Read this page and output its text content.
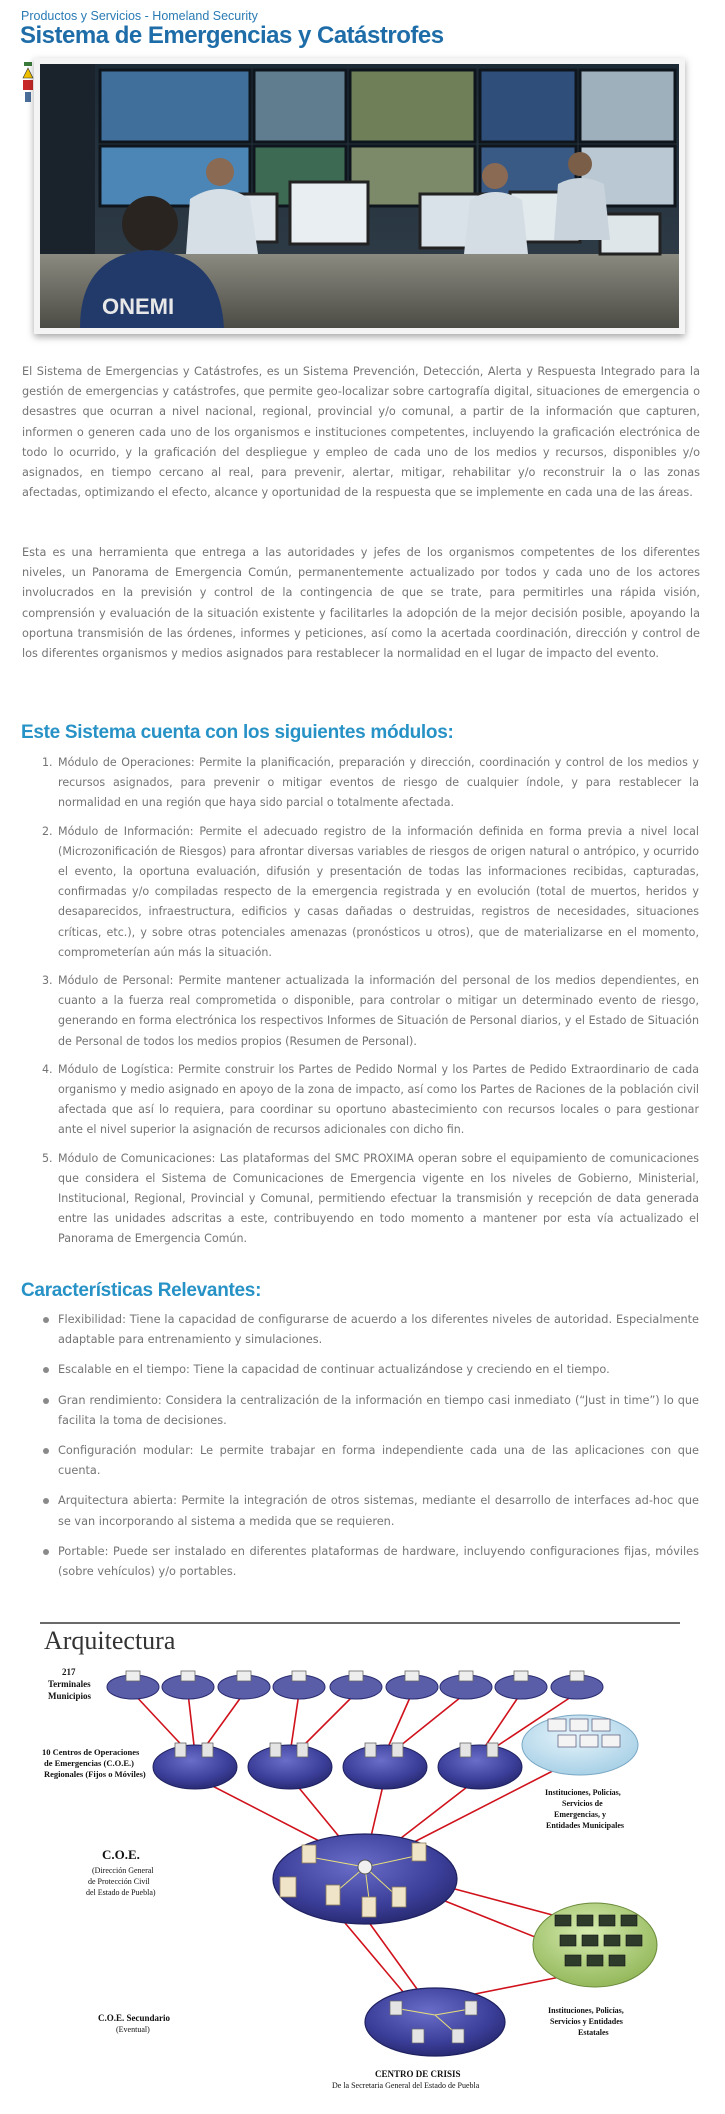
Productos y Servicios - Homeland Security
Sistema de Emergencias y Catástrofes
ONEMI

El Sistema de Emergencias y Catástrofes, es un Sistema Prevención, Detección, Alerta y Respuesta Integrado para la gestión de emergencias y catástrofes, que permite geo-localizar sobre cartografía digital, situaciones de emergencia o desastres que ocurran a nivel nacional, regional, provincial y/o comunal, a partir de la información que capturen, informen o generen cada uno de los organismos e instituciones competentes, incluyendo la graficación electrónica de todo lo ocurrido, y la graficación del despliegue y empleo de cada uno de los medios y recursos, disponibles y/o asignados, en tiempo cercano al real, para prevenir, alertar, mitigar, rehabilitar y/o reconstruir la o las zonas afectadas, optimizando el efecto, alcance y oportunidad de la respuesta que se implemente en cada una de las áreas.

Esta es una herramienta que entrega a las autoridades y jefes de los organismos competentes de los diferentes niveles, un Panorama de Emergencia Común, permanentemente actualizado por todos y cada uno de los actores involucrados en la previsión y control de la contingencia de que se trate, para permitirles una rápida visión, comprensión y evaluación de la situación existente y facilitarles la adopción de la mejor decisión posible, apoyando la oportuna transmisión de las órdenes, informes y peticiones, así como la acertada coordinación, dirección y control de los diferentes organismos y medios asignados para restablecer la normalidad en el lugar de impacto del evento.

Este Sistema cuenta con los siguientes módulos:
1. Módulo de Operaciones: Permite la planificación, preparación y dirección, coordinación y control de los medios y recursos asignados, para prevenir o mitigar eventos de riesgo de cualquier índole, y para restablecer la normalidad en una región que haya sido parcial o totalmente afectada.
2. Módulo de Información: Permite el adecuado registro de la información definida en forma previa a nivel local (Microzonificación de Riesgos) para afrontar diversas variables de riesgos de origen natural o antrópico, y ocurrido el evento, la oportuna evaluación, difusión y presentación de todas las informaciones recibidas, capturadas, confirmadas y/o compiladas respecto de la emergencia registrada y en evolución (total de muertos, heridos y desaparecidos, infraestructura, edificios y casas dañadas o destruidas, registros de necesidades, situaciones críticas, etc.), y sobre otras potenciales amenazas (pronósticos u otros), que de materializarse en el momento, comprometerían aún más la situación.
3. Módulo de Personal: Permite mantener actualizada la información del personal de los medios dependientes, en cuanto a la fuerza real comprometida o disponible, para controlar o mitigar un determinado evento de riesgo, generando en forma electrónica los respectivos Informes de Situación de Personal diarios, y el Estado de Situación de Personal de todos los medios propios (Resumen de Personal).
4. Módulo de Logística: Permite construir los Partes de Pedido Normal y los Partes de Pedido Extraordinario de cada organismo y medio asignado en apoyo de la zona de impacto, así como los Partes de Raciones de la población civil afectada que así lo requiera, para coordinar su oportuno abastecimiento con recursos locales o para gestionar ante el nivel superior la asignación de recursos adicionales con dicho fin.
5. Módulo de Comunicaciones: Las plataformas del SMC PROXIMA operan sobre el equipamiento de comunicaciones que considera el Sistema de Comunicaciones de Emergencia vigente en los niveles de Gobierno, Ministerial, Institucional, Regional, Provincial y Comunal, permitiendo efectuar la transmisión y recepción de data generada entre las unidades adscritas a este, contribuyendo en todo momento a mantener por esta vía actualizado el Panorama de Emergencia Común.
Características Relevantes:
Flexibilidad: Tiene la capacidad de configurarse de acuerdo a los diferentes niveles de autoridad. Especialmente adaptable para entrenamiento y simulaciones.
Escalable en el tiempo: Tiene la capacidad de continuar actualizándose y creciendo en el tiempo.
Gran rendimiento: Considera la centralización de la información en tiempo casi inmediato (“Just in time”) lo que facilita la toma de decisiones.
Configuración modular: Le permite trabajar en forma independiente cada una de las aplicaciones con que cuenta.
Arquitectura abierta: Permite la integración de otros sistemas, mediante el desarrollo de interfaces ad-hoc que se van incorporando al sistema a medida que se requieren.
Portable: Puede ser instalado en diferentes plataformas de hardware, incluyendo configuraciones fijas, móviles (sobre vehículos) y/o portables.
Arquitectura
217
Terminales
Municipios
10 Centros de Operaciones
de Emergencias (C.O.E.)
Regionales (Fijos o Móviles)
Instituciones, Policías,
Servicios de
Emergencias, y
Entidades Municipales
C.O.E.
(Dirección General
de Protección Civil
del Estado de Puebla)
Instituciones, Policías,
Servicios y Entidades
Estatales
C.O.E. Secundario
(Eventual)
CENTRO DE CRISIS
De la Secretaria General del Estado de Puebla
